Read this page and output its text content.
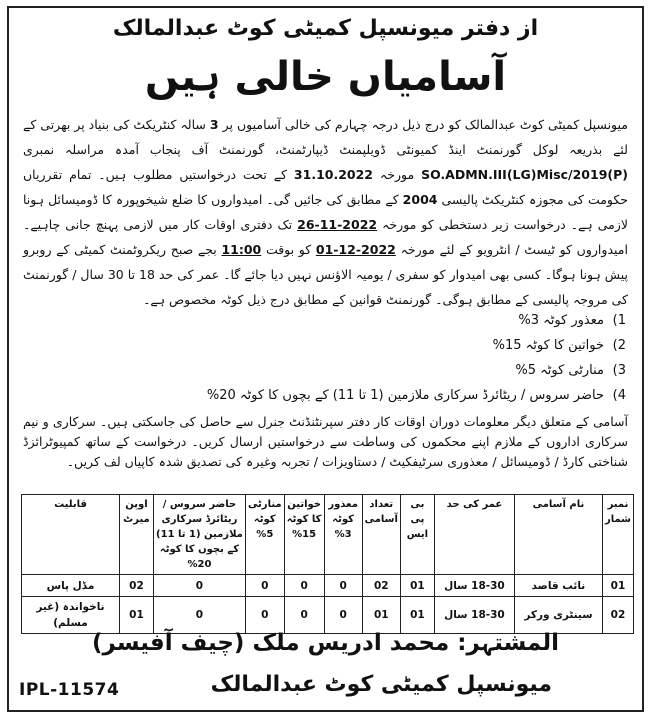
از دفتر میونسپل کمیٹی کوٹ عبدالمالک
آسامیاں خالی ہیں
میونسپل کمیٹی کوٹ عبدالمالک کو درج ذیل درجہ چہارم کی خالی آسامیوں پر 3 سالہ کنٹریکٹ کی بنیاد پر بھرتی کے لئے بذریعہ لوکل گورنمنٹ اینڈ کمیونٹی ڈویلپمنٹ ڈیپارٹمنٹ، گورنمنٹ آف پنجاب آمدہ مراسلہ نمبری SO.ADMN.III(LG)Misc/2019(P) مورخہ 31.10.2022 کے تحت درخواستیں مطلوب ہیں۔ تمام تقرریاں حکومت کی مجوزہ کنٹریکٹ پالیسی 2004 کے مطابق کی جائیں گی۔ امیدواروں کا ضلع شیخوپورہ کا ڈومیسائل ہونا لازمی ہے۔ درخواست زیر دستخطی کو مورخہ 26-11-2022 تک دفتری اوقات کار میں لازمی پہنچ جانی چاہیے۔ امیدواروں کو ٹیسٹ / انٹرویو کے لئے مورخہ 01-12-2022 کو بوقت 11:00 بجے صبح ریکروٹمنٹ کمیٹی کے روبرو پیش ہونا ہوگا۔ کسی بھی امیدوار کو سفری / یومیہ الاؤنس نہیں دیا جائے گا۔ عمر کی حد 18 تا 30 سال / گورنمنٹ کی مروجہ پالیسی کے مطابق ہوگی۔ گورنمنٹ قوانین کے مطابق درج ذیل کوٹہ مخصوص ہے۔
1)معذور کوٹہ 3%
2)خواتین کا کوٹہ 15%
3)منارٹی کوٹہ 5%
4)حاضر سروس / ریٹائرڈ سرکاری ملازمین (1 تا 11) کے بچوں کا کوٹہ 20%
آسامی کے متعلق دیگر معلومات دوران اوقات کار دفتر سپرنٹنڈنٹ جنرل سے حاصل کی جاسکتی ہیں۔ سرکاری و نیم سرکاری اداروں کے ملازم اپنے محکموں کی وساطت سے درخواستیں ارسال کریں۔ درخواست کے ساتھ کمپیوٹرائزڈ شناختی کارڈ / ڈومیسائل / معذوری سرٹیفکیٹ / دستاویزات / تجربہ وغیرہ کی تصدیق شدہ کاپیاں لف کریں۔
نمبر شمار	نام آسامی	عمر کی حد	بی پی ایس	تعداد آسامی	معذور کوٹہ 3%	خواتین کا کوٹہ 15%	منارٹی کوٹہ 5%	حاضر سروس / ریٹائرڈ سرکاری ملازمین (1 تا 11) کے بچوں کا کوٹہ 20%	اوپن میرٹ	قابلیت
01	نائب قاصد	18-30 سال	01	02	0	0	0	0	02	مڈل پاس
02	سینٹری ورکر	18-30 سال	01	01	0	0	0	0	01	ناخواندہ (غیر مسلم)
المشتہر: محمد ادریس ملک (چیف آفیسر)
میونسپل کمیٹی کوٹ عبدالمالک
IPL-11574
